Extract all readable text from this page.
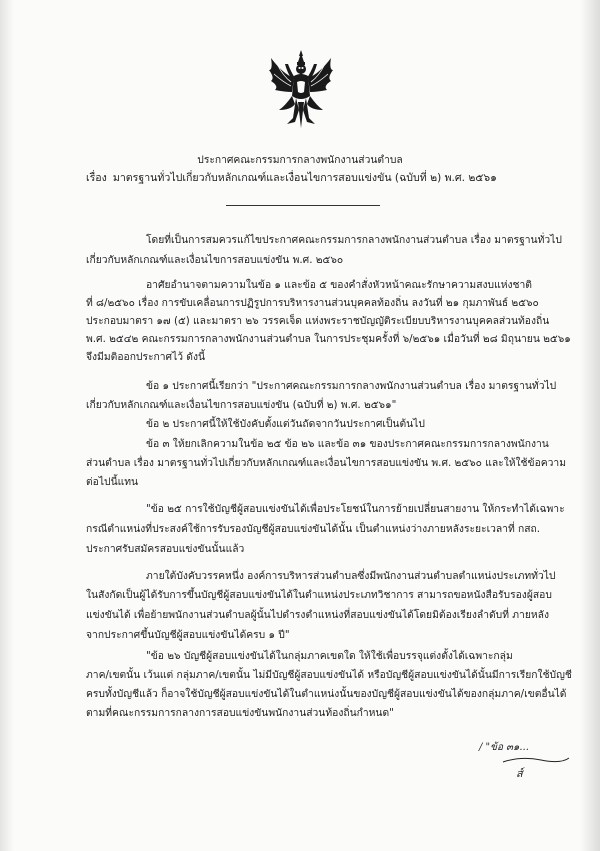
ประกาศคณะกรรมการกลางพนักงานส่วนตำบล
เรื่อง มาตรฐานทั่วไปเกี่ยวกับหลักเกณฑ์และเงื่อนไขการสอบแข่งขัน (ฉบับที่ ๒) พ.ศ. ๒๕๖๑
โดยที่เป็นการสมควรแก้ไขประกาศคณะกรรมการกลางพนักงานส่วนตำบล เรื่อง มาตรฐานทั่วไป
เกี่ยวกับหลักเกณฑ์และเงื่อนไขการสอบแข่งขัน พ.ศ. ๒๕๖๐
อาศัยอำนาจตามความในข้อ ๑ และข้อ ๕ ของคำสั่งหัวหน้าคณะรักษาความสงบแห่งชาติ
ที่ ๘/๒๕๖๐ เรื่อง การขับเคลื่อนการปฏิรูปการบริหารงานส่วนบุคคลท้องถิ่น ลงวันที่ ๒๑ กุมภาพันธ์ ๒๕๖๐
ประกอบมาตรา ๑๗ (๕) และมาตรา ๒๖ วรรคเจ็ด แห่งพระราชบัญญัติระเบียบบริหารงานบุคคลส่วนท้องถิ่น
พ.ศ. ๒๕๔๒ คณะกรรมการกลางพนักงานส่วนตำบล ในการประชุมครั้งที่ ๖/๒๕๖๑ เมื่อวันที่ ๒๘ มิถุนายน ๒๕๖๑
จึงมีมติออกประกาศไว้ ดังนี้
ข้อ ๑ ประกาศนี้เรียกว่า "ประกาศคณะกรรมการกลางพนักงานส่วนตำบล เรื่อง มาตรฐานทั่วไป
เกี่ยวกับหลักเกณฑ์และเงื่อนไขการสอบแข่งขัน (ฉบับที่ ๒) พ.ศ. ๒๕๖๑"
ข้อ ๒ ประกาศนี้ให้ใช้บังคับตั้งแต่วันถัดจากวันประกาศเป็นต้นไป
ข้อ ๓ ให้ยกเลิกความในข้อ ๒๕ ข้อ ๒๖ และข้อ ๓๑ ของประกาศคณะกรรมการกลางพนักงาน
ส่วนตำบล เรื่อง มาตรฐานทั่วไปเกี่ยวกับหลักเกณฑ์และเงื่อนไขการสอบแข่งขัน พ.ศ. ๒๕๖๐ และให้ใช้ข้อความ
ต่อไปนี้แทน
"ข้อ ๒๕ การใช้บัญชีผู้สอบแข่งขันได้เพื่อประโยชน์ในการย้ายเปลี่ยนสายงาน ให้กระทำได้เฉพาะ
กรณีตำแหน่งที่ประสงค์ใช้การรับรองบัญชีผู้สอบแข่งขันได้นั้น เป็นตำแหน่งว่างภายหลังระยะเวลาที่ กสถ.
ประกาศรับสมัครสอบแข่งขันนั้นแล้ว
ภายใต้บังคับวรรคหนึ่ง องค์การบริหารส่วนตำบลซึ่งมีพนักงานส่วนตำบลตำแหน่งประเภททั่วไป
ในสังกัดเป็นผู้ได้รับการขึ้นบัญชีผู้สอบแข่งขันได้ในตำแหน่งประเภทวิชาการ สามารถขอหนังสือรับรองผู้สอบ
แข่งขันได้ เพื่อย้ายพนักงานส่วนตำบลผู้นั้นไปดำรงตำแหน่งที่สอบแข่งขันได้โดยมิต้องเรียงลำดับที่ ภายหลัง
จากประกาศขึ้นบัญชีผู้สอบแข่งขันได้ครบ ๑ ปี"
"ข้อ ๒๖ บัญชีผู้สอบแข่งขันได้ในกลุ่มภาคเขตใด ให้ใช้เพื่อบรรจุแต่งตั้งได้เฉพาะกลุ่ม
ภาค/เขตนั้น เว้นแต่ กลุ่มภาค/เขตนั้น ไม่มีบัญชีผู้สอบแข่งขันได้ หรือบัญชีผู้สอบแข่งขันได้นั้นมีการเรียกใช้บัญชี
ครบทั้งบัญชีแล้ว ก็อาจใช้บัญชีผู้สอบแข่งขันได้ในตำแหน่งนั้นของบัญชีผู้สอบแข่งขันได้ของกลุ่มภาค/เขตอื่นได้
ตามที่คณะกรรมการกลางการสอบแข่งขันพนักงานส่วนท้องถิ่นกำหนด"
/ "ข้อ ๓๑...
ส์
